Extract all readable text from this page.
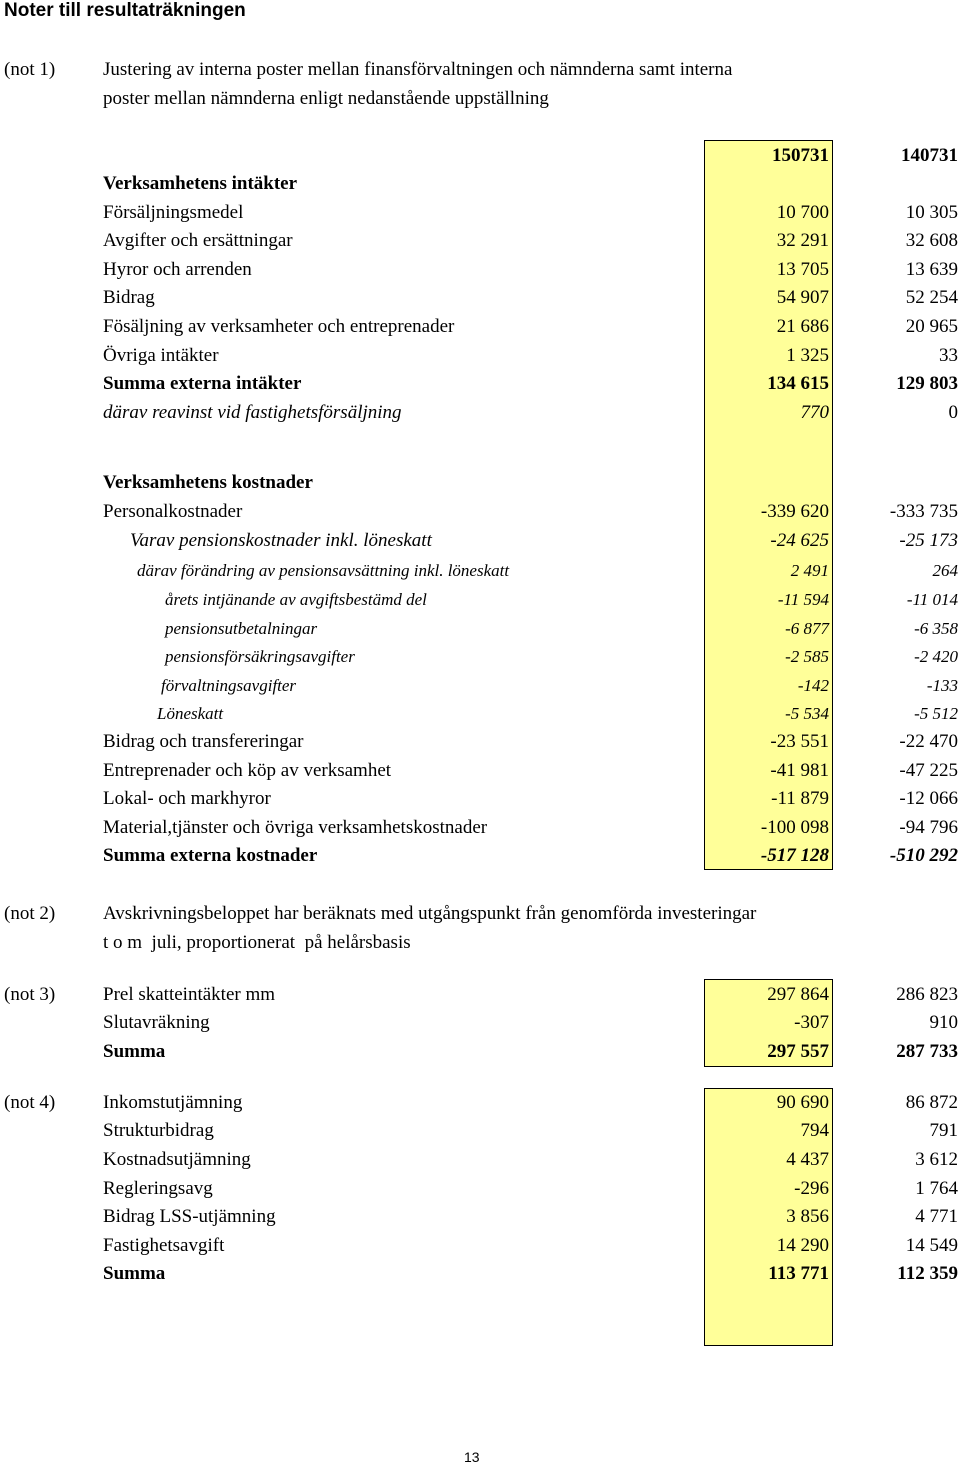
Noter till resultaträkningen
(not 1)	Justering av interna poster mellan finansförvaltningen och nämnderna samt interna
poster mellan nämnderna enligt nedanstående uppställning
150731	140731
Verksamhetens intäkter
Försäljningsmedel	10 700	10 305
Avgifter och ersättningar	32 291	32 608
Hyror och arrenden	13 705	13 639
Bidrag	54 907	52 254
Fösäljning av verksamheter och entreprenader	21 686	20 965
Övriga intäkter	1 325	33
Summa externa intäkter	134 615	129 803
därav reavinst vid fastighetsförsäljning	770	0
Verksamhetens kostnader
Personalkostnader	-339 620	-333 735
Varav pensionskostnader inkl. löneskatt	-24 625	-25 173
därav förändring av pensionsavsättning inkl. löneskatt	2 491	264
årets intjänande av avgiftsbestämd del	-11 594	-11 014
pensionsutbetalningar	-6 877	-6 358
pensionsförsäkringsavgifter	-2 585	-2 420
förvaltningsavgifter	-142	-133
Löneskatt	-5 534	-5 512
Bidrag och transfereringar	-23 551	-22 470
Entreprenader och köp av verksamhet	-41 981	-47 225
Lokal- och markhyror	-11 879	-12 066
Material,tjänster och övriga verksamhetskostnader	-100 098	-94 796
Summa externa kostnader	-517 128	-510 292
(not 2)	Avskrivningsbeloppet har beräknats med utgångspunkt från genomförda investeringar
t o m  juli, proportionerat  på helårsbasis
(not 3)	Prel skatteintäkter mm	297 864	286 823
Slutavräkning	-307	910
Summa	297 557	287 733
(not 4)	Inkomstutjämning	90 690	86 872
Strukturbidrag	794	791
Kostnadsutjämning	4 437	3 612
Regleringsavg	-296	1 764
Bidrag LSS-utjämning	3 856	4 771
Fastighetsavgift	14 290	14 549
Summa	113 771	112 359
13
